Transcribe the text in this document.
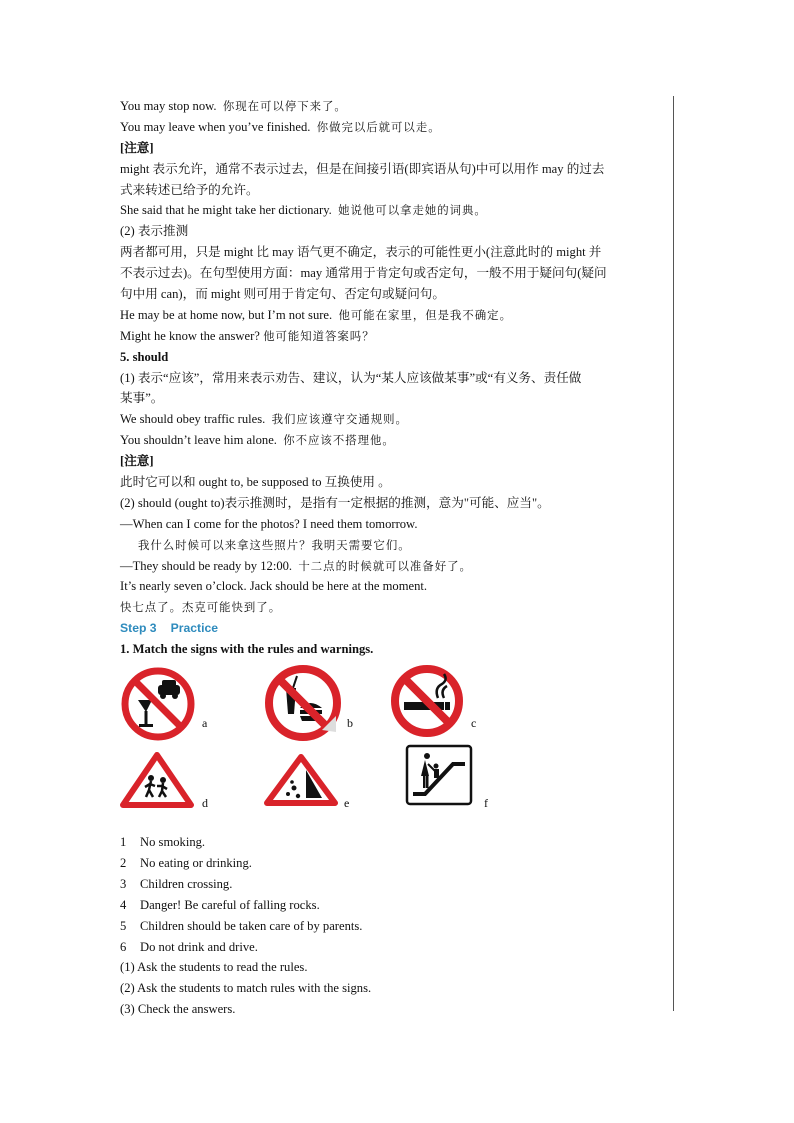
You may stop now. 你现在可以停下来了。
You may leave when you’ve finished. 你做完以后就可以走。
[注意]
might 表示允许，通常不表示过去，但是在间接引语(即宾语从句)中可以用作 may 的过去
式来转述已给予的允许。
She said that he might take her dictionary. 她说他可以拿走她的词典。
(2) 表示推测
两者都可用，只是 might 比 may 语气更不确定，表示的可能性更小(注意此时的 might 并
不表示过去)。在句型使用方面：may 通常用于肯定句或否定句，一般不用于疑问句(疑问
句中用 can)，而 might 则可用于肯定句、否定句或疑问句。
He may be at home now, but I’m not sure. 他可能在家里，但是我不确定。
Might he know the answer? 他可能知道答案吗？
5. should
(1) 表示“应该”，常用来表示劝告、建议，认为“某人应该做某事”或“有义务、责任做
某事”。
We should obey traffic rules. 我们应该遵守交通规则。
You shouldn’t leave him alone. 你不应该不搭理他。
[注意]
此时它可以和 ought to, be supposed to 互换使用 。
(2) should (ought to)表示推测时，是指有一定根据的推测，意为"可能、应当"。
—When can I come for the photos? I need them tomorrow.
我什么时候可以来拿这些照片？我明天需要它们。
—They should be ready by 12:00. 十二点的时候就可以准备好了。
It’s nearly seven o’clock. Jack should be here at the moment.
快七点了。杰克可能快到了。
Step 3 Practice
1. Match the signs with the rules and warnings.
a	b	c
d	e	f
1 No smoking.
2 No eating or drinking.
3 Children crossing.
4 Danger! Be careful of falling rocks.
5 Children should be taken care of by parents.
6 Do not drink and drive.
(1) Ask the students to read the rules.
(2) Ask the students to match rules with the signs.
(3) Check the answers.
